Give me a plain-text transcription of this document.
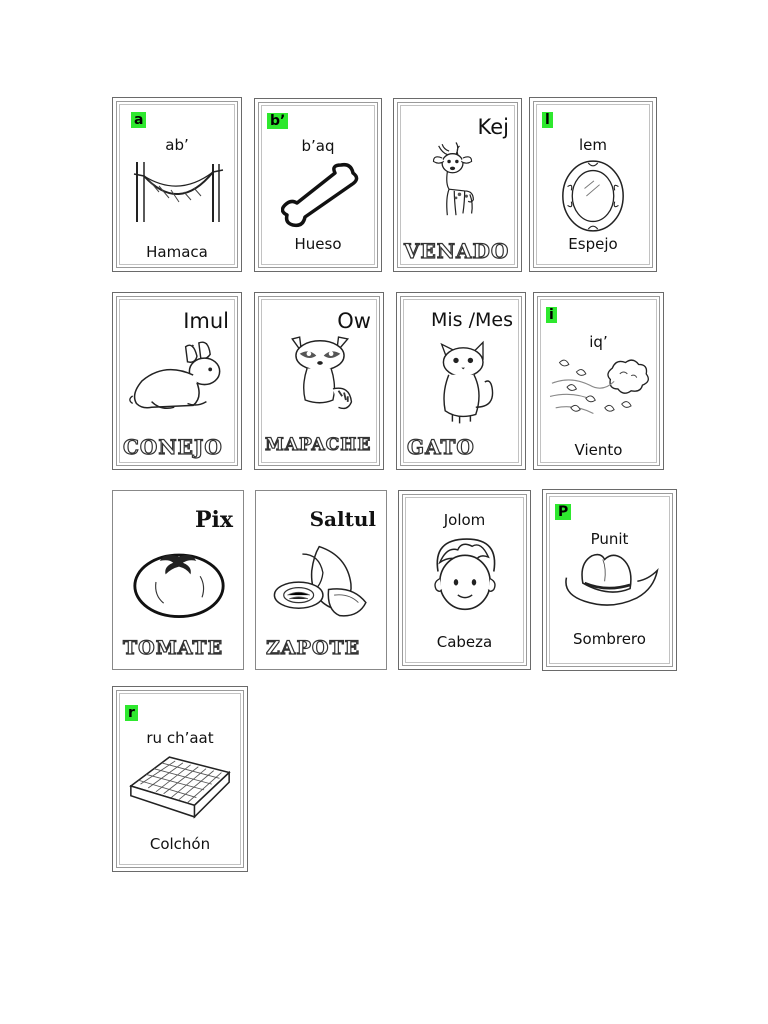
a
ab’
Hamaca
b’
b’aq
Hueso
Kej
VENADO
l
lem
Espejo
Imul
CONEJO
Ow
MAPACHE
Mis /Mes
GATO
i
iq’
Viento
Pix
TOMATE
Saltul
ZAPOTE
Jolom
Cabeza
P
Punit
Sombrero
r
ru ch’aat
Colchón
